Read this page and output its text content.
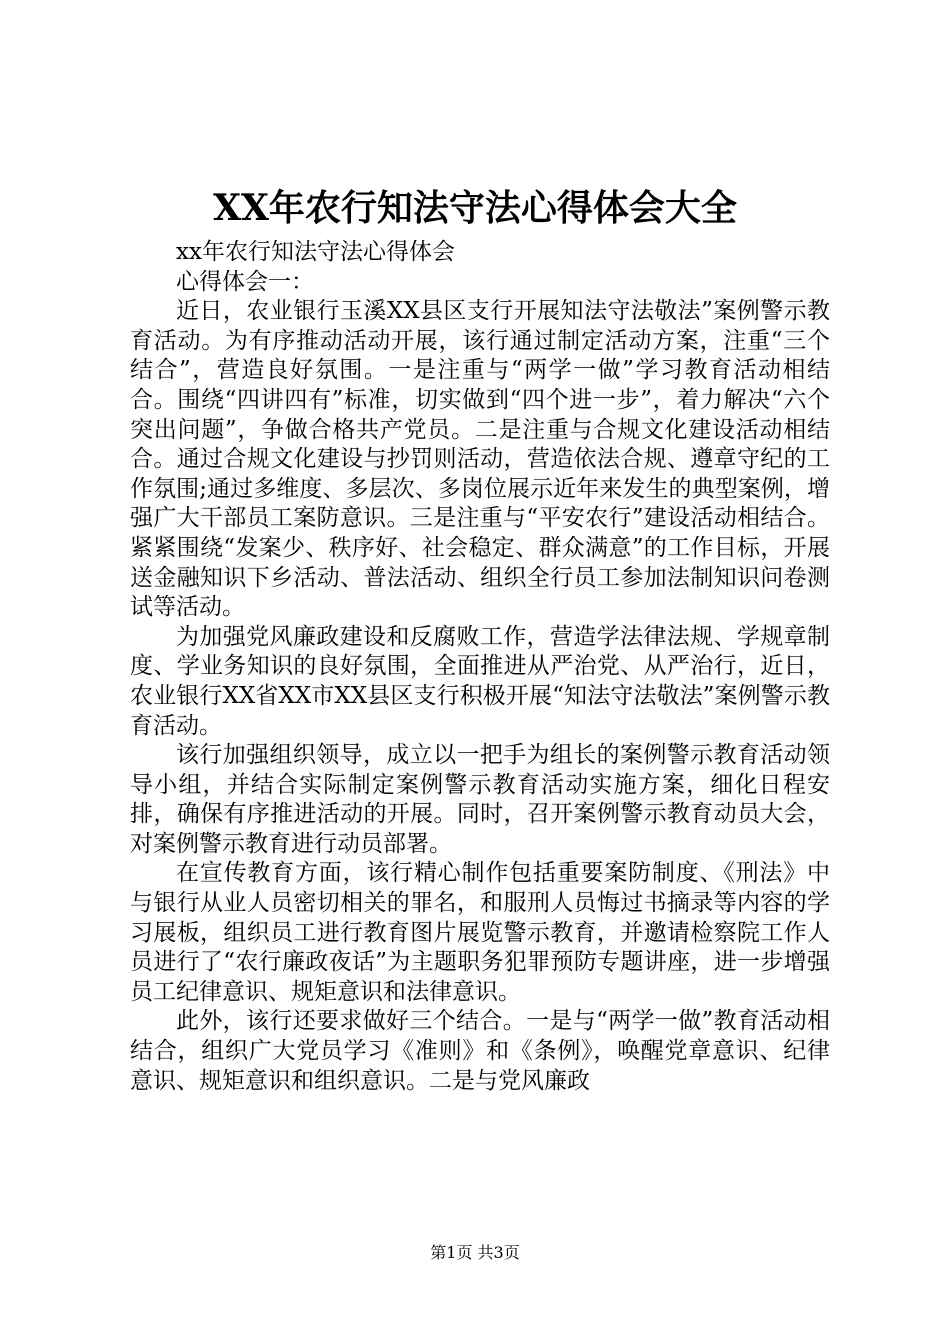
XX年农行知法守法心得体会大全

xx年农行知法守法心得体会

心得体会一：

近日，农业银行玉溪XX县区支行开展知法守法敬法”案例警示教育活动。为有序推动活动开展，该行通过制定活动方案，注重“三个结合”，营造良好氛围。一是注重与“两学一做”学习教育活动相结合。围绕“四讲四有”标准，切实做到“四个进一步”，着力解决“六个突出问题”，争做合格共产党员。二是注重与合规文化建设活动相结合。通过合规文化建设与抄罚则活动，营造依法合规、遵章守纪的工作氛围;通过多维度、多层次、多岗位展示近年来发生的典型案例，增强广大干部员工案防意识。三是注重与“平安农行”建设活动相结合。紧紧围绕“发案少、秩序好、社会稳定、群众满意”的工作目标，开展送金融知识下乡活动、普法活动、组织全行员工参加法制知识问卷测试等活动。

为加强党风廉政建设和反腐败工作，营造学法律法规、学规章制度、学业务知识的良好氛围，全面推进从严治党、从严治行，近日，农业银行XX省XX市XX县区支行积极开展“知法守法敬法”案例警示教育活动。

该行加强组织领导，成立以一把手为组长的案例警示教育活动领导小组，并结合实际制定案例警示教育活动实施方案，细化日程安排，确保有序推进活动的开展。同时，召开案例警示教育动员大会，对案例警示教育进行动员部署。

在宣传教育方面，该行精心制作包括重要案防制度、《刑法》中与银行从业人员密切相关的罪名，和服刑人员悔过书摘录等内容的学习展板，组织员工进行教育图片展览警示教育，并邀请检察院工作人员进行了“农行廉政夜话”为主题职务犯罪预防专题讲座，进一步增强员工纪律意识、规矩意识和法律意识。

此外，该行还要求做好三个结合。一是与“两学一做”教育活动相结合，组织广大党员学习《准则》和《条例》，唤醒党章意识、纪律意识、规矩意识和组织意识。二是与党风廉政

第1页 共3页
